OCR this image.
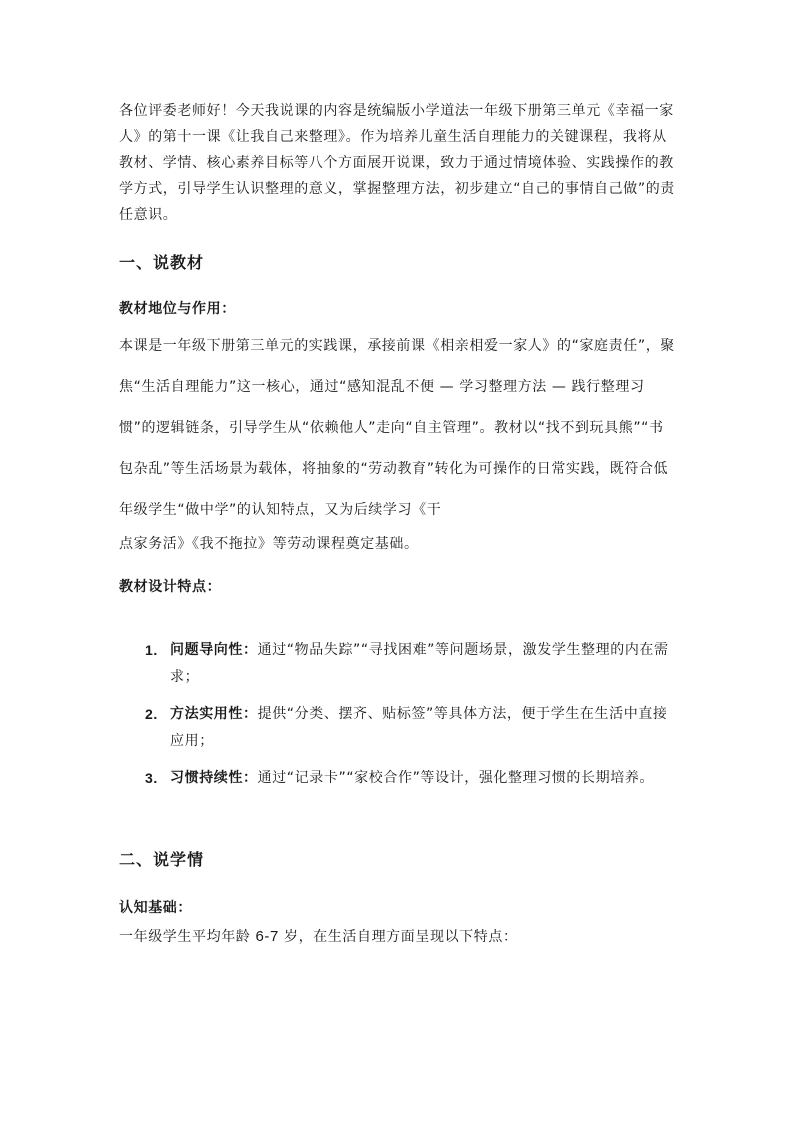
各位评委老师好！今天我说课的内容是统编版小学道法一年级下册第三单元《幸福一家人》的第十一课《让我自己来整理》。作为培养儿童生活自理能力的关键课程，我将从教材、学情、核心素养目标等八个方面展开说课，致力于通过情境体验、实践操作的教学方式，引导学生认识整理的意义，掌握整理方法，初步建立“自己的事情自己做”的责任意识。

一、说教材

教材地位与作用：

本课是一年级下册第三单元的实践课，承接前课《相亲相爱一家人》的“家庭责任”，聚焦“生活自理能力”这一核心，通过“感知混乱不便 — 学习整理方法 — 践行整理习惯”的逻辑链条，引导学生从“依赖他人”走向“自主管理”。教材以“找不到玩具熊”“书包杂乱”等生活场景为载体，将抽象的“劳动教育”转化为可操作的日常实践，既符合低年级学生“做中学”的认知特点，又为后续学习《干
点家务活》《我不拖拉》等劳动课程奠定基础。

教材设计特点：

1. 问题导向性：通过“物品失踪”“寻找困难”等问题场景，激发学生整理的内在需求；
2. 方法实用性：提供“分类、摆齐、贴标签”等具体方法，便于学生在生活中直接应用；
3. 习惯持续性：通过“记录卡”“家校合作”等设计，强化整理习惯的长期培养。
二、说学情

认知基础：

一年级学生平均年龄 6-7 岁，在生活自理方面呈现以下特点：
